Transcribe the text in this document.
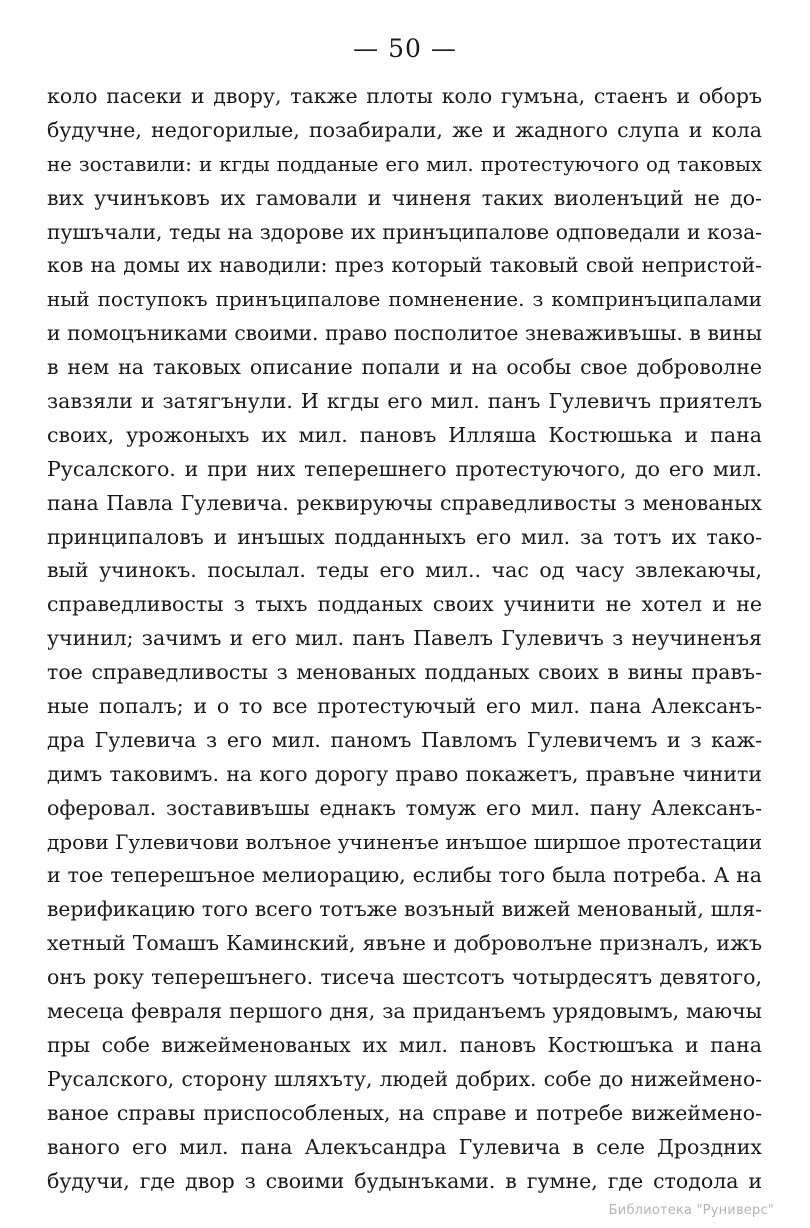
— 50 —
коло пасеки и двору, также плоты коло гумъна, стаенъ и оборъ
будучне, недогорилые, позабирали, же и жадного слупа и кола
не зоставили: и кгды подданые его мил. протестуючого од таковых
вих учинъковъ их гамовали и чиненя таких виоленъций не до-
пушъчали, теды на здорове их принъципалове одповедали и коза-
ков на домы их наводили: през который таковый свой непристой-
ный поступокъ принъципалове помненение. з компринъципалами
и помоцъниками своими. право посполитое зневаживъшы. в вины
в нем на таковых описание попали и на особы свое доброволне
завзяли и затягънули. И кгды его мил. панъ Гулевичъ приятелъ
своих, урожоныхъ их мил. пановъ Илляша Костюшька и пана
Русалского. и при них теперешнего протестуючого, до его мил.
пана Павла Гулевича. реквируючы справедливосты з менованых
принципаловъ и инъшых подданныхъ его мил. за тотъ их тако-
вый учинокъ. посылал. теды его мил.. час од часу звлекаючы,
справедливосты з тыхъ подданых своих учинити не хотел и не
учинил; зачимъ и его мил. панъ Павелъ Гулевичъ з неучиненъя
тое справедливосты з менованых подданых своих в вины правъ-
ные попалъ; и о то все протестуючый его мил. пана Алексанъ-
дра Гулевича з его мил. паномъ Павломъ Гулевичемъ и з каж-
димъ таковимъ. на кого дорогу право покажетъ, правъне чинити
оферовал. зоставивъшы еднакъ томуж его мил. пану Алексанъ-
дрови Гулевичови волъное учиненъе инъшое ширшое протестации
и тое теперешъное мелиорацию, еслибы того была потреба. А на
верификацию того всего тотъже возъный вижей менованый, шля-
хетный Томашъ Каминский, явъне и доброволъне призналъ, ижъ
онъ року теперешънего. тисеча шестсотъ чотырдесятъ девятого,
месеца февраля першого дня, за приданъемъ урядовымъ, маючы
пры собе вижейменованых их мил. пановъ Костюшъка и пана
Русалского, сторону шляхъту, людей добрих. собе до нижеймено-
ваное справы приспособленых, на справе и потребе вижеймено-
ваного его мил. пана Алекъсандра Гулевича в селе Дроздних
будучи, где двор з своими будынъками. в гумне, где стодола и
Библиотека "Руниверс"
